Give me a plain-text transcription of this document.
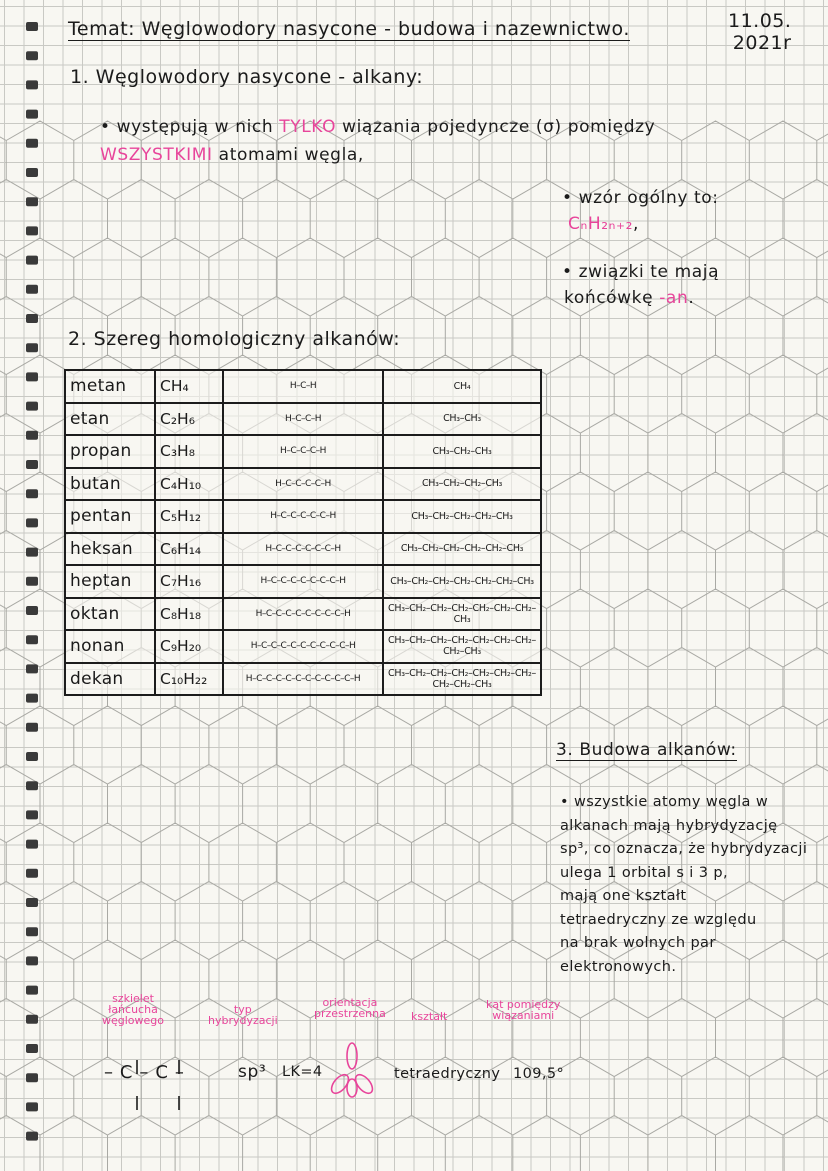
Temat: Węglowodory nasycone - budowa i nazewnictwo.	11.05.
2021r
1. Węglowodory nasycone - alkany:
• występują w nich TYLKO wiązania pojedyncze (σ) pomiędzy
WSZYSTKIMI atomami węgla,
• wzór ogólny to:
CₙH₂ₙ₊₂,
• związki te mają
końcówkę -an.
2. Szereg homologiczny alkanów:
metan	CH₄	H–C–H	CH₄
etan	C₂H₆	H–C–C–H	CH₃–CH₃
propan	C₃H₈	H–C–C–C–H	CH₃–CH₂–CH₃
butan	C₄H₁₀	H–C–C–C–C–H	CH₃–CH₂–CH₂–CH₃
pentan	C₅H₁₂	H–C–C–C–C–C–H	CH₃–CH₂–CH₂–CH₂–CH₃
heksan	C₆H₁₄	H–C–C–C–C–C–C–H	CH₃–CH₂–CH₂–CH₂–CH₂–CH₃
heptan	C₇H₁₆	H–C–C–C–C–C–C–C–H	CH₃–CH₂–CH₂–CH₂–CH₂–CH₂–CH₃
oktan	C₈H₁₈	H–C–C–C–C–C–C–C–C–H	CH₃–CH₂–CH₂–CH₂–CH₂–CH₂–CH₂–CH₃
nonan	C₉H₂₀	H–C–C–C–C–C–C–C–C–C–H	CH₃–CH₂–CH₂–CH₂–CH₂–CH₂–CH₂–CH₂–CH₃
dekan	C₁₀H₂₂	H–C–C–C–C–C–C–C–C–C–C–H	CH₃–CH₂–CH₂–CH₂–CH₂–CH₂–CH₂–CH₂–CH₂–CH₃
3. Budowa alkanów:
• wszystkie atomy węgla w
alkanach mają hybrydyzację
sp³, co oznacza, że hybrydyzacji
ulega 1 orbital s i 3 p,
mają one kształt
tetraedryczny ze względu
na brak wolnych par
elektronowych.
szkielet
łańcucha
węglowego
typ
hybrydyzacji
orientacja
przestrzenna kształt
kąt pomiędzy
wiązaniami
– C – C –	sp³ LK=4	tetraedryczny 109,5°
